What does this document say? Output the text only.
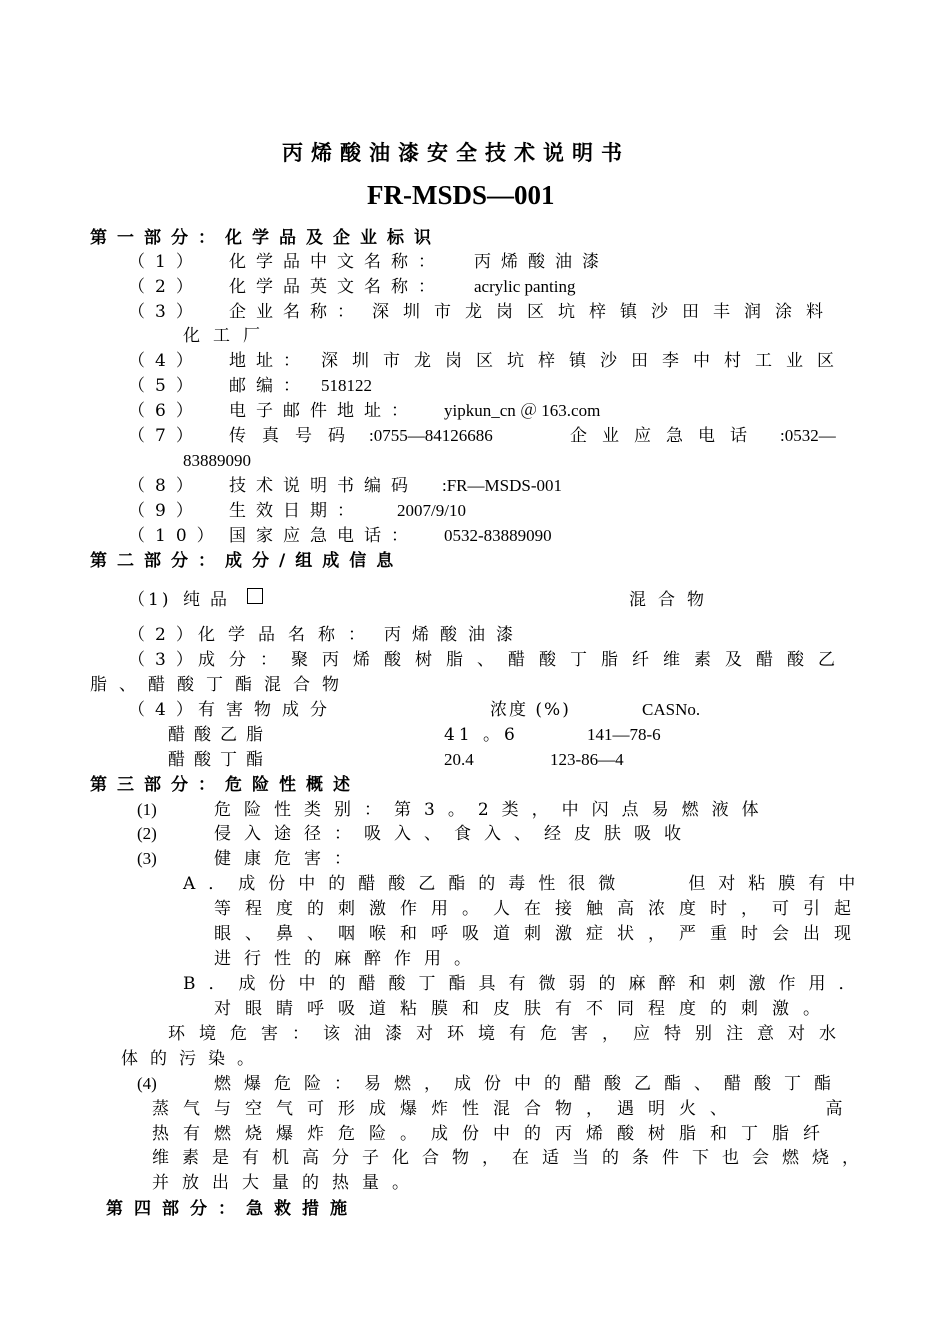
丙烯酸油漆安全技术说明书
FR-MSDS—001
第一部分：化学品及企业标识
（1） 化学品中文名称： 丙烯酸油漆
（2） 化学品英文名称： acrylic panting
（3） 企业名称： 深圳市龙岗区坑梓镇沙田丰润涂料
化工厂
（4） 地址： 深圳市龙岗区坑梓镇沙田李中村工业区
（5） 邮编： 518122
（6） 电子邮件地址： yipkun_cn ＠ 163.com
（7） 传真号码 :0755—84126686	企业应急电话 :0532—
83889090
（8） 技术说明书编码 :FR—MSDS-001
（9） 生效日期： 2007/9/10
（10） 国家应急电话： 0532-83889090
第二部分：成分/组成信息
（1) 纯品	混合物
（2）
化学品名称： 丙烯酸油漆
（3）
成分：聚丙烯酸树脂、醋酸丁脂纤维素及醋酸乙
脂、醋酸丁酯混合物
（4）
有害物成分	浓度 (%)	CASNo.
醋酸乙脂	41 。6	141—78-6
醋酸丁酯	20.4	123-86—4
第三部分：危险性概述
(1)	危险性类别：第3。2类，中闪点易燃液体
(2)	侵入途径：吸入、食入、经皮肤吸收
(3)	健康危害：
A．成份中的醋酸乙酯的毒性很微　　但对粘膜有中
等程度的刺激作用。人在接触高浓度时，可引起
眼、鼻、咽喉和呼吸道刺激症状，严重时会出现
进行性的麻醉作用。
B．成份中的醋酸丁酯具有微弱的麻醉和刺激作用．
对眼睛呼吸道粘膜和皮肤有不同程度的刺激。
环境危害：该油漆对环境有危害，应特别注意对水
体的污染。
(4)	燃爆危险：易燃，成份中的醋酸乙酯、醋酸丁酯
蒸气与空气可形成爆炸性混合物，遇明火、　　　高
热有燃烧爆炸危险。成份中的丙烯酸树脂和丁脂纤
维素是有机高分子化合物，在适当的条件下也会燃烧，
并放出大量的热量。
第四部分：急救措施
